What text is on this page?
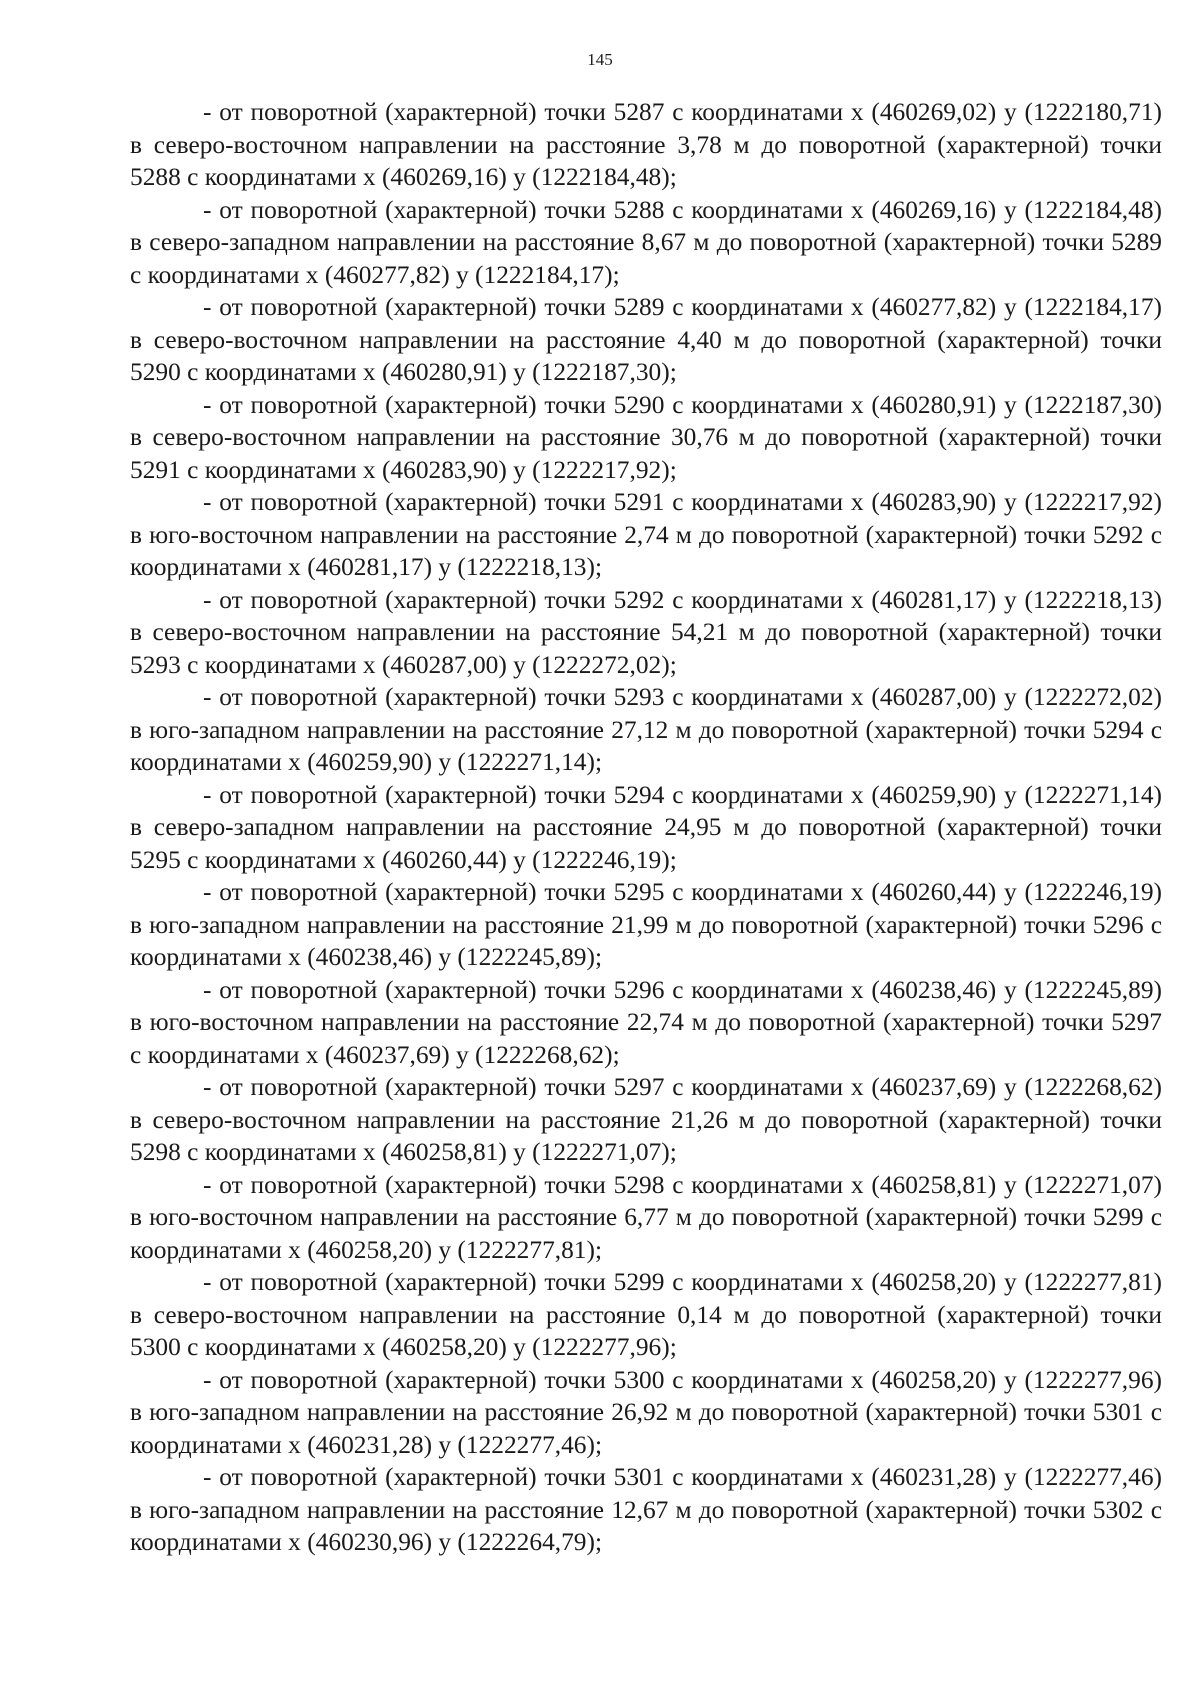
145

- от поворотной (характерной) точки 5287 с координатами х (460269,02) у (1222180,71) в северо-восточном направлении на расстояние 3,78 м до поворотной (характерной) точки 5288 с координатами х (460269,16) у (1222184,48);

- от поворотной (характерной) точки 5288 с координатами х (460269,16) у (1222184,48) в северо-западном направлении на расстояние 8,67 м до поворотной (характерной) точки 5289 с координатами х (460277,82) у (1222184,17);

- от поворотной (характерной) точки 5289 с координатами х (460277,82) у (1222184,17) в северо-восточном направлении на расстояние 4,40 м до поворотной (характерной) точки 5290 с координатами х (460280,91) у (1222187,30);

- от поворотной (характерной) точки 5290 с координатами х (460280,91) у (1222187,30) в северо-восточном направлении на расстояние 30,76 м до поворотной (характерной) точки 5291 с координатами х (460283,90) у (1222217,92);

- от поворотной (характерной) точки 5291 с координатами х (460283,90) у (1222217,92) в юго-восточном направлении на расстояние 2,74 м до поворотной (характерной) точки 5292 с координатами х (460281,17) у (1222218,13);

- от поворотной (характерной) точки 5292 с координатами х (460281,17) у (1222218,13) в северо-восточном направлении на расстояние 54,21 м до поворотной (характерной) точки 5293 с координатами х (460287,00) у (1222272,02);

- от поворотной (характерной) точки 5293 с координатами х (460287,00) у (1222272,02) в юго-западном направлении на расстояние 27,12 м до поворотной (характерной) точки 5294 с координатами х (460259,90) у (1222271,14);

- от поворотной (характерной) точки 5294 с координатами х (460259,90) у (1222271,14) в северо-западном направлении на расстояние 24,95 м до поворотной (характерной) точки 5295 с координатами х (460260,44) у (1222246,19);

- от поворотной (характерной) точки 5295 с координатами х (460260,44) у (1222246,19) в юго-западном направлении на расстояние 21,99 м до поворотной (характерной) точки 5296 с координатами х (460238,46) у (1222245,89);

- от поворотной (характерной) точки 5296 с координатами х (460238,46) у (1222245,89) в юго-восточном направлении на расстояние 22,74 м до поворотной (характерной) точки 5297 с координатами х (460237,69) у (1222268,62);

- от поворотной (характерной) точки 5297 с координатами х (460237,69) у (1222268,62) в северо-восточном направлении на расстояние 21,26 м до поворотной (характерной) точки 5298 с координатами х (460258,81) у (1222271,07);

- от поворотной (характерной) точки 5298 с координатами х (460258,81) у (1222271,07) в юго-восточном направлении на расстояние 6,77 м до поворотной (характерной) точки 5299 с координатами х (460258,20) у (1222277,81);

- от поворотной (характерной) точки 5299 с координатами х (460258,20) у (1222277,81) в северо-восточном направлении на расстояние 0,14 м до поворотной (характерной) точки 5300 с координатами х (460258,20) у (1222277,96);

- от поворотной (характерной) точки 5300 с координатами х (460258,20) у (1222277,96) в юго-западном направлении на расстояние 26,92 м до поворотной (характерной) точки 5301 с координатами х (460231,28) у (1222277,46);

- от поворотной (характерной) точки 5301 с координатами х (460231,28) у (1222277,46) в юго-западном направлении на расстояние 12,67 м до поворотной (характерной) точки 5302 с координатами х (460230,96) у (1222264,79);
